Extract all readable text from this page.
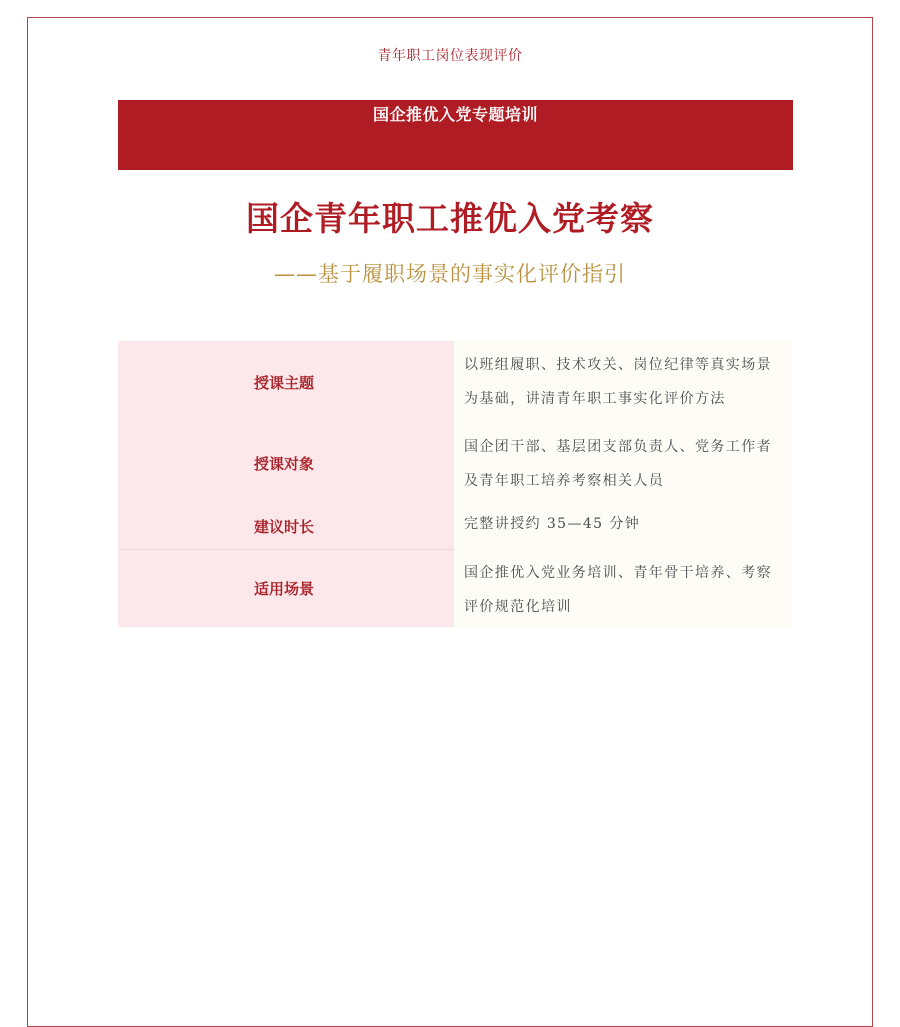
青年职工岗位表现评价
国企推优入党专题培训
国企青年职工推优入党考察
——基于履职场景的事实化评价指引
授课主题
以班组履职、技术攻关、岗位纪律等真实场景为基础，讲清青年职工事实化评价方法
授课对象
国企团干部、基层团支部负责人、党务工作者及青年职工培养考察相关人员
建议时长	完整讲授约 35—45 分钟
适用场景
国企推优入党业务培训、青年骨干培养、考察评价规范化培训
